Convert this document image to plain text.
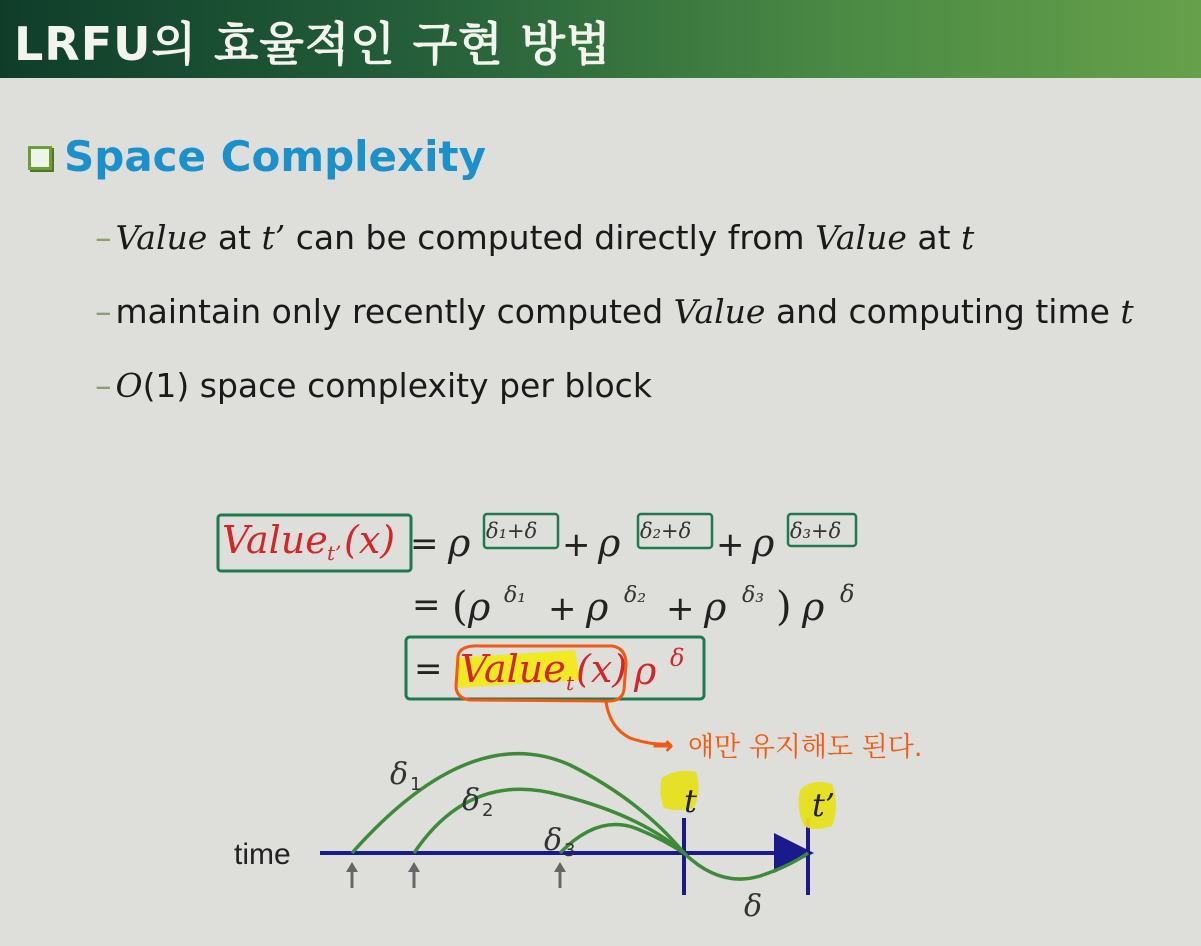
LRFU의 효율적인 구현 방법
Space Complexity
– Value at t’ can be computed directly from Value at t
– maintain only recently computed Value and computing time t
– O(1) space complexity per block
Value t’ (x) = ρ δ₁+δ + ρ δ₂+δ + ρ δ₃+δ
= ( ρ δ₁ + ρ δ₂ + ρ δ₃ ) ρ δ
= Value t (x) ρ δ
→ 얘만 유지해도 된다.
time
t	t’
δ 1 δ 2
δ 3
δ
